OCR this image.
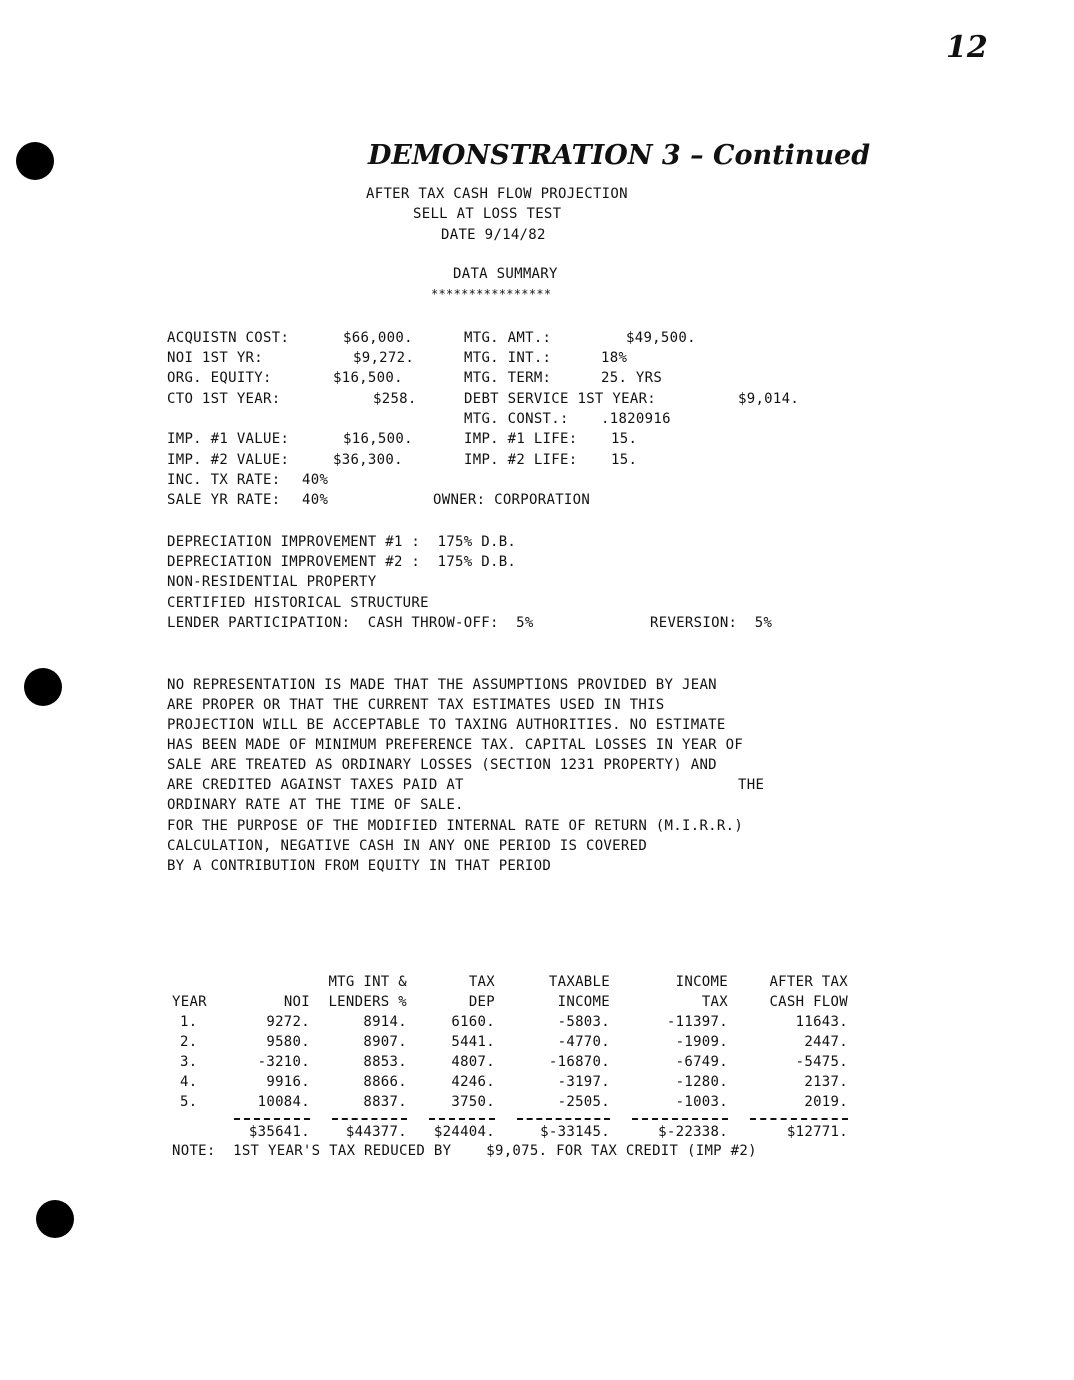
12
DEMONSTRATION 3 – Continued
AFTER TAX CASH FLOW PROJECTION
SELL AT LOSS TEST
DATE 9/14/82
DATA SUMMARY
****************
ACQUISTN COST:	$66,000.	MTG. AMT.:	$49,500.
NOI 1ST YR:	$9,272.	MTG. INT.:	18%
ORG. EQUITY:	$16,500.	MTG. TERM:	25. YRS
CTO 1ST YEAR:	$258.	DEBT SERVICE 1ST YEAR:	$9,014.
MTG. CONST.: .1820916
IMP. #1 VALUE:	$16,500.	IMP. #1 LIFE: 15.
IMP. #2 VALUE:	$36,300.	IMP. #2 LIFE: 15.
INC. TX RATE: 40%
SALE YR RATE: 40%	OWNER: CORPORATION
DEPRECIATION IMPROVEMENT #1 :  175% D.B.
DEPRECIATION IMPROVEMENT #2 :  175% D.B.
NON-RESIDENTIAL PROPERTY
CERTIFIED HISTORICAL STRUCTURE
LENDER PARTICIPATION:  CASH THROW-OFF:  5%	REVERSION:  5%
NO REPRESENTATION IS MADE THAT THE ASSUMPTIONS PROVIDED BY JEAN
ARE PROPER OR THAT THE CURRENT TAX ESTIMATES USED IN THIS
PROJECTION WILL BE ACCEPTABLE TO TAXING AUTHORITIES. NO ESTIMATE
HAS BEEN MADE OF MINIMUM PREFERENCE TAX. CAPITAL LOSSES IN YEAR OF
SALE ARE TREATED AS ORDINARY LOSSES (SECTION 1231 PROPERTY) AND
ARE CREDITED AGAINST TAXES PAID AT	THE
ORDINARY RATE AT THE TIME OF SALE.
FOR THE PURPOSE OF THE MODIFIED INTERNAL RATE OF RETURN (M.I.R.R.)
CALCULATION, NEGATIVE CASH IN ANY ONE PERIOD IS COVERED
BY A CONTRIBUTION FROM EQUITY IN THAT PERIOD

		MTG INT &	TAX	TAXABLE	INCOME	AFTER TAX
YEAR	NOI	LENDERS %	DEP	INCOME	TAX	CASH FLOW
1.	9272.	8914.	6160.	-5803.	-11397.	11643.
2.	9580.	8907.	5441.	-4770.	-1909.	2447.
3.	-3210.	8853.	4807.	-16870.	-6749.	-5475.
4.	9916.	8866.	4246.	-3197.	-1280.	2137.
5.	10084.	8837.	3750.	-2505.	-1003.	2019.

	$35641.	$44377.	$24404.	$-33145.	$-22338.	$12771.

NOTE:  1ST YEAR'S TAX REDUCED BY    $9,075. FOR TAX CREDIT (IMP #2)
